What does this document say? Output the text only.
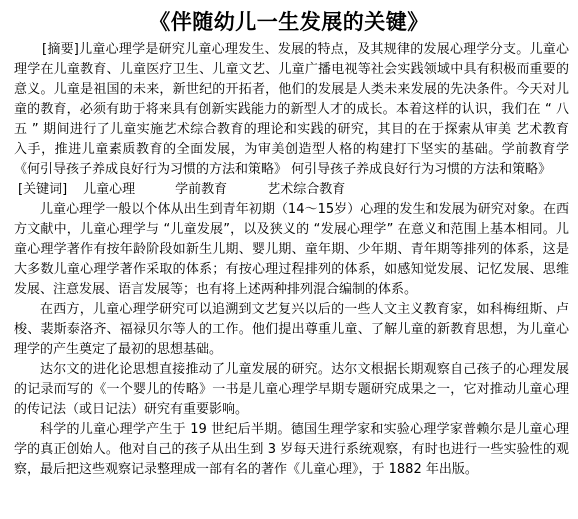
《伴随幼儿一生发展的关键》

[摘要]儿童心理学是研究儿童心理发生、发展的特点，及其规律的发展心理学分支。儿童心理学在儿童教育、儿童医疗卫生、儿童文艺、儿童广播电视等社会实践领域中具有积极而重要的意义。儿童是祖国的未来，新世纪的开拓者，他们的发展是人类未来发展的先决条件。今天对儿童的教育，必须有助于将来具有创新实践能力的新型人才的成长。本着这样的认识，我们在 “ 八五 ” 期间进行了儿童实施艺术综合教育的理论和实践的研究，其目的在于探索从审美 艺术教育 入手，推进儿童素质教育的全面发展，为审美创造型人格的构建打下坚实的基础。学前教育学 《何引导孩子养成良好行为习惯的方法和策略》 何引导孩子养成良好行为习惯的方法和策略》

[关键词] 儿童心理	学前教育	艺术综合教育

儿童心理学一般以个体从出生到青年初期（14～15岁）心理的发生和发展为研究对象。在西方文献中，儿童心理学与 “儿童发展”，以及狭义的 “发展心理学” 在意义和范围上基本相同。儿童心理学著作有按年龄阶段如新生儿期、婴儿期、童年期、少年期、青年期等排列的体系，这是大多数儿童心理学著作采取的体系；有按心理过程排列的体系，如感知觉发展、记忆发展、思维发展、注意发展、语言发展等；也有将上述两种排列混合编制的体系。

在西方，儿童心理学研究可以追溯到文艺复兴以后的一些人文主义教育家，如科梅纽斯、卢梭、裴斯泰洛齐、福禄贝尔等人的工作。他们提出尊重儿童、了解儿童的新教育思想，为儿童心理学的产生奠定了最初的思想基础。

达尔文的进化论思想直接推动了儿童发展的研究。达尔文根据长期观察自己孩子的心理发展的记录而写的《一个婴儿的传略》一书是儿童心理学早期专题研究成果之一，它对推动儿童心理的传记法（或日记法）研究有重要影响。

科学的儿童心理学产生于 19 世纪后半期。德国生理学家和实验心理学家普赖尔是儿童心理学的真正创始人。他对自己的孩子从出生到 3 岁每天进行系统观察，有时也进行一些实验性的观察，最后把这些观察记录整理成一部有名的著作《儿童心理》，于 1882 年出版。
